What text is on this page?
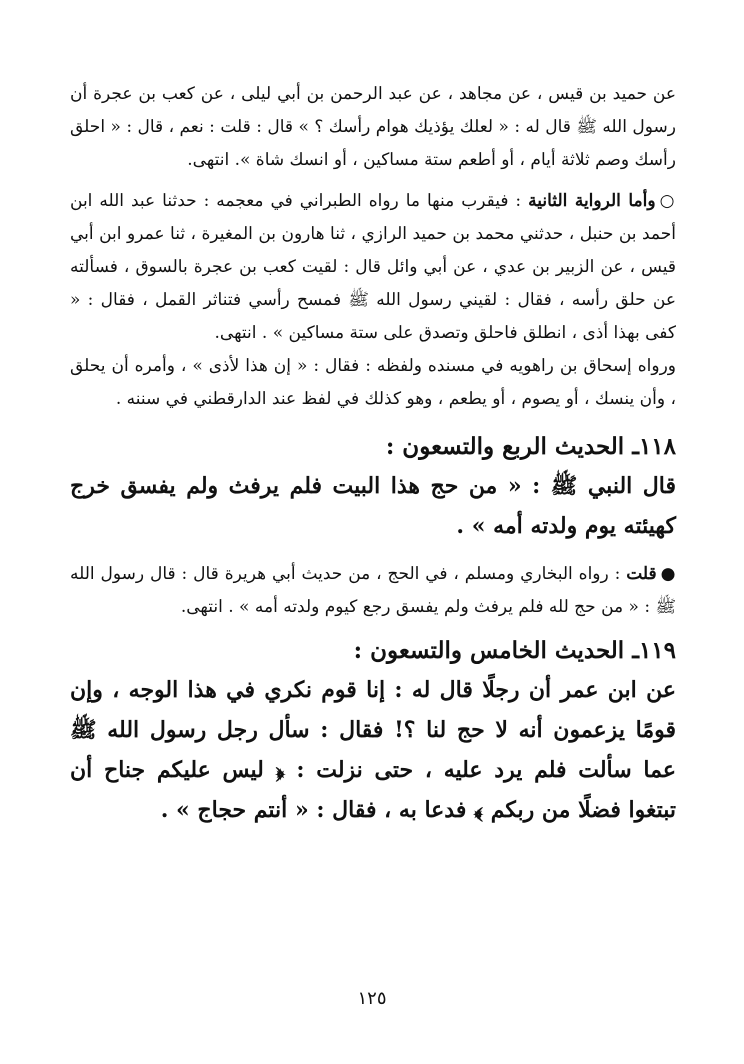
عن حميد بن قيس ، عن مجاهد ، عن عبد الرحمن بن أبي ليلى ، عن كعب بن عجرة أن رسول الله ﷺ قال له : « لعلك يؤذيك هوام رأسك ؟ » قال : قلت : نعم ، قال : « احلق رأسك وصم ثلاثة أيام ، أو أطعم ستة مساكين ، أو انسك شاة ». انتهى.

○وأما الرواية الثانية : فيقرب منها ما رواه الطبراني في معجمه : حدثنا عبد الله ابن أحمد بن حنبل ، حدثني محمد بن حميد الرازي ، ثنا هارون بن المغيرة ، ثنا عمرو ابن أبي قيس ، عن الزبير بن عدي ، عن أبي وائل قال : لقيت كعب بن عجرة بالسوق ، فسألته عن حلق رأسه ، فقال : لقيني رسول الله ﷺ فمسح رأسي فتناثر القمل ، فقال : « كفى بهذا أذى ، انطلق فاحلق وتصدق على ستة مساكين » . انتهى.

ورواه إسحاق بن راهويه في مسنده ولفظه : فقال : « إن هذا لأذى » ، وأمره أن يحلق ، وأن ينسك ، أو يصوم ، أو يطعم ، وهو كذلك في لفظ عند الدارقطني في سننه .

١١٨ـ الحديث الربع والتسعون :

قال النبي ﷺ : « من حج هذا البيت فلم يرفث ولم يفسق خرج كهيئته يوم ولدته أمه » .

●قلت : رواه البخاري ومسلم ، في الحج ، من حديث أبي هريرة قال : قال رسول الله ﷺ : « من حج لله فلم يرفث ولم يفسق رجع كيوم ولدته أمه » . انتهى.

١١٩ـ الحديث الخامس والتسعون :

عن ابن عمر أن رجلًا قال له : إنا قوم نكري في هذا الوجه ، وإن قومًا يزعمون أنه لا حج لنا ؟! فقال : سأل رجل رسول الله ﷺ عما سألت فلم يرد عليه ، حتى نزلت : ﴿ ليس عليكم جناح أن تبتغوا فضلًا من ربكم ﴾ فدعا به ، فقال : « أنتم حجاج » .

١٢٥
